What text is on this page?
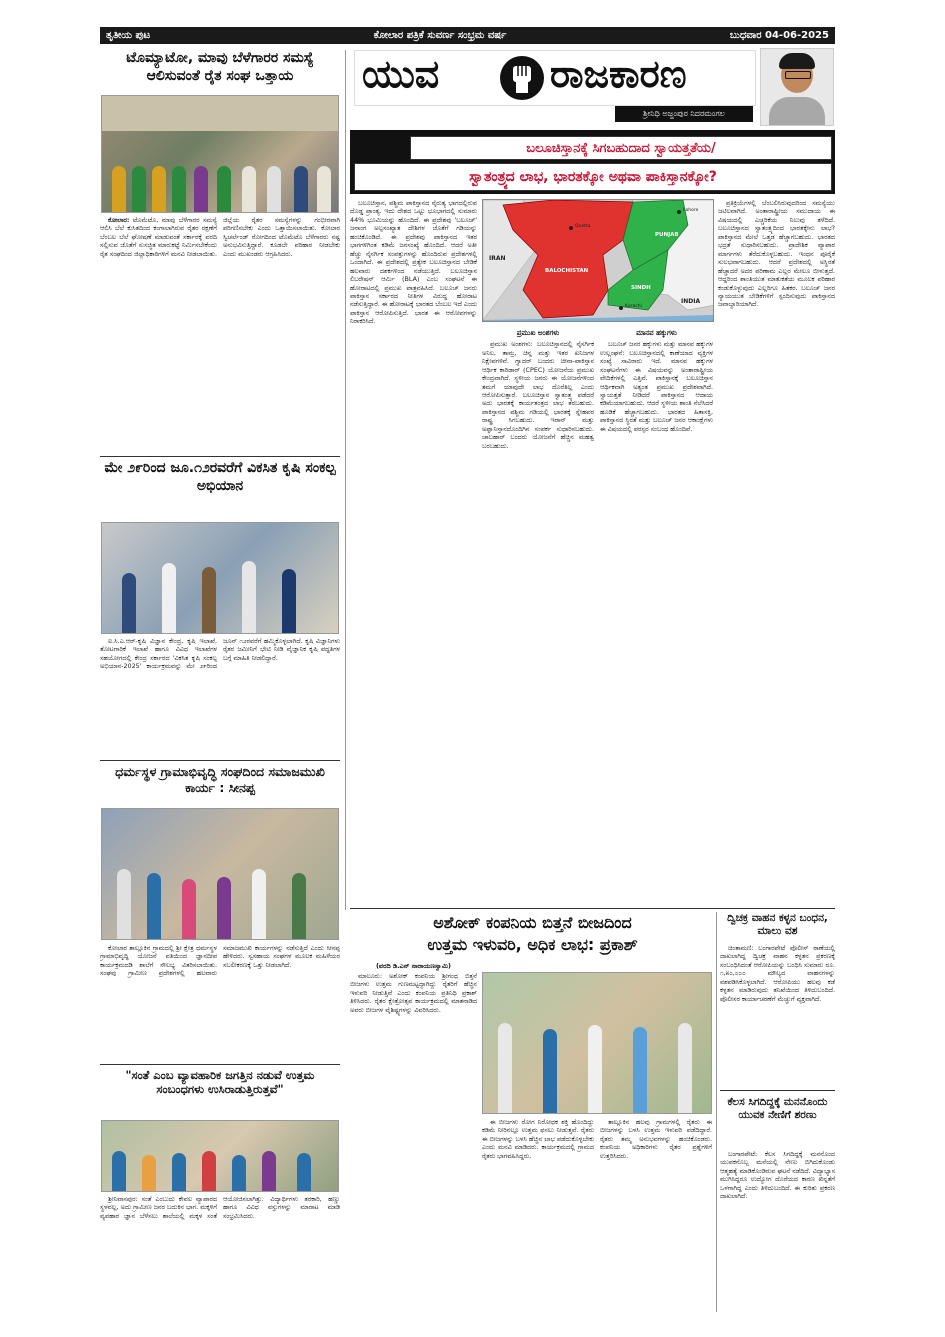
ತೃತೀಯ ಪುಟ	ಕೋಲಾರ ಪತ್ರಿಕೆ ಸುವರ್ಣ ಸಂಭ್ರಮ ವರ್ಷ	ಬುಧವಾರ 04-06-2025
ಟೊಮ್ಯಾಟೋ, ಮಾವು ಬೆಳೆಗಾರರ ಸಮಸ್ಯೆ ಆಲಿಸುವಂತೆ ರೈತ ಸಂಘ ಒತ್ತಾಯ

ಕೋಲಾರ: ಟೊಮೆಟೊ, ಮಾವು ಬೆಳೆಗಾರರ ಸಮಸ್ಯೆ ಆಲಿಸಿ ಬೆಲೆ ಕುಸಿತದಿಂದ ಕಂಗಾಲಾಗಿರುವ ರೈತರ ರಕ್ಷಣೆಗೆ ಬೆಂಬಲ ಬೆಲೆ ಘೋಷಣೆ ಮಾಡುವಂತೆ ಸರ್ಕಾರಕ್ಕೆ ವರದಿ ಸಲ್ಲಿಸುವ ಜೊತೆಗೆ ಸುಸಜ್ಜಿತ ಮಾರುಕಟ್ಟೆ ನಿರ್ಮಿಸಬೇಕೆಂದು ರೈತ ಸಂಘದಿಂದ ಜಿಲ್ಲಾಧಿಕಾರಿಗಳಿಗೆ ಮನವಿ ನೀಡಲಾಯಿತು. ಜಿಲ್ಲೆಯ ರೈತರ ಸಮಸ್ಯೆಗಳನ್ನು ಗಂಭೀರವಾಗಿ ಪರಿಗಣಿಸಬೇಕು ಎಂದು ಒತ್ತಾಯಿಸಲಾಯಿತು. ಕೋಲಾರ ಸ್ವಿಚರ್ಲೆಂಡ್ ರೋಗದಿಂದ ಟೊಮೆಟೊ ಬೆಳೆಗಾರರು ನಷ್ಟ ಅನುಭವಿಸುತ್ತಿದ್ದಾರೆ. ಕೂಡಲೇ ಪರಿಹಾರ ನೀಡಬೇಕು ಎಂದು ಮುಖಂಡರು ಆಗ್ರಹಿಸಿದರು.

ಮೇ ೨೯ರಿಂದ ಜೂ.೧೨ರವರೆಗೆ ವಿಕಸಿತ ಕೃಷಿ ಸಂಕಲ್ಪ ಅಭಿಯಾನ

ಐ.ಸಿ.ಎ.ಆರ್-ಕೃಷಿ ವಿಜ್ಞಾನ ಕೇಂದ್ರ, ಕೃಷಿ ಇಲಾಖೆ, ತೋಟಗಾರಿಕೆ ಇಲಾಖೆ ಹಾಗೂ ವಿವಿಧ ಇಲಾಖೆಗಳ ಸಹಯೋಗದಲ್ಲಿ ಕೇಂದ್ರ ಸರ್ಕಾರದ 'ವಿಕಸಿತ ಕೃಷಿ ಸಂಕಲ್ಪ ಅಭಿಯಾನ-2025' ಕಾರ್ಯಕ್ರಮವನ್ನು ಮೇ ೨೯ರಿಂದ ಜೂನ್ ೧೨ರವರೆಗೆ ಹಮ್ಮಿಕೊಳ್ಳಲಾಗಿದೆ. ಕೃಷಿ ವಿಜ್ಞಾನಿಗಳು ರೈತರ ಜಮೀನಿಗೆ ಭೇಟಿ ನೀಡಿ ವೈಜ್ಞಾನಿಕ ಕೃಷಿ ಪದ್ಧತಿಗಳ ಬಗ್ಗೆ ಮಾಹಿತಿ ನೀಡಲಿದ್ದಾರೆ.

ಧರ್ಮಸ್ಥಳ ಗ್ರಾಮಾಭಿವೃದ್ಧಿ ಸಂಘದಿಂದ ಸಮಾಜಮುಖಿ ಕಾರ್ಯ : ಸೀನಪ್ಪ

ಕೋಲಾರ ತಾಲ್ಲೂಕಿನ ಗ್ರಾಮದಲ್ಲಿ ಶ್ರೀ ಕ್ಷೇತ್ರ ಧರ್ಮಸ್ಥಳ ಗ್ರಾಮಾಭಿವೃದ್ಧಿ ಯೋಜನೆ ವತಿಯಿಂದ ಜ್ಞಾನದೀಪ ಕಾರ್ಯಕ್ರಮದಡಿ ಶಾಲೆಗೆ ಸೌಲಭ್ಯ ವಿತರಿಸಲಾಯಿತು. ಸಂಘವು ಗ್ರಾಮೀಣ ಪ್ರದೇಶಗಳಲ್ಲಿ ಹಲವಾರು ಸಮಾಜಮುಖಿ ಕಾರ್ಯಗಳನ್ನು ನಡೆಸುತ್ತಿದೆ ಎಂದು ಸೀನಪ್ಪ ಹೇಳಿದರು. ಸ್ವಸಹಾಯ ಸಂಘಗಳ ಮೂಲಕ ಮಹಿಳೆಯರ ಸಬಲೀಕರಣಕ್ಕೆ ಒತ್ತು ನೀಡಲಾಗಿದೆ.

"ಸಂತೆ ಎಂಬ ವ್ಯಾವಹಾರಿಕ ಜಗತ್ತಿನ ನಡುವೆ ಉತ್ತಮ ಸಂಬಂಧಗಳು ಉಸಿರಾಡುತ್ತಿರುತ್ತವೆ"

ಶ್ರೀನಿವಾಸಪುರ: ಸಂತೆ ಎಂಬುದು ಕೇವಲ ವ್ಯಾಪಾರದ ಸ್ಥಳವಲ್ಲ, ಅದು ಗ್ರಾಮೀಣ ಜನರ ಬದುಕಿನ ಭಾಗ. ಮಕ್ಕಳಿಗೆ ವ್ಯವಹಾರ ಜ್ಞಾನ ಬೆಳೆಸಲು ಶಾಲೆಯಲ್ಲಿ ಮಕ್ಕಳ ಸಂತೆ ಆಯೋಜಿಸಲಾಗಿತ್ತು. ವಿದ್ಯಾರ್ಥಿಗಳು ತರಕಾರಿ, ಹಣ್ಣು ಹಾಗೂ ವಿವಿಧ ವಸ್ತುಗಳನ್ನು ಮಾರಾಟ ಮಾಡಿ ಸಂಭ್ರಮಿಸಿದರು.

ಯುವ	ರಾಜಕಾರಣ
ಶ್ರೀನಿಧಿ ಅಜ್ಜಂಪುರ ನಿದರಮಂಗಲ
ಬಲೂಚಿಸ್ತಾನಕ್ಕೆ ಸಿಗಬಹುದಾದ ಸ್ವಾಯತ್ತತೆಯ/
ಸ್ವಾತಂತ್ರ್ಯದ ಲಾಭ, ಭಾರತಕ್ಕೋ ಅಥವಾ ಪಾಕಿಸ್ತಾನಕ್ಕೋ?
IRAN
BALOCHISTAN
PUNJAB
SINDH
INDIA
Lahore
Quetta
Karachi

ಬಲೂಚಿಸ್ತಾನ, ಪಶ್ಚಿಮ ಪಾಕಿಸ್ತಾನದ ನೈರುತ್ಯ ಭಾಗದಲ್ಲಿರುವ ದೊಡ್ಡ ಪ್ರಾಂತ್ಯ. ಇದು ದೇಶದ ಒಟ್ಟು ಭೂಭಾಗದಲ್ಲಿ ಸುಮಾರು 44% ಭೂಮಿಯನ್ನು ಹೊಂದಿದೆ. ಈ ಪ್ರದೇಶವು 'ಬಲೂಚ್' ಜನಾಂಗ ಅಲ್ಪಸಂಖ್ಯಾತ ದೇಶಿಗಳ ಜೊತೆಗೆ ಗಡಿಯನ್ನು ಹಂಚಿಕೊಂಡಿದೆ. ಈ ಪ್ರದೇಶವು ಪಾಕಿಸ್ತಾನದ ಇತರ ಭಾಗಗಳಿಗಿಂತ ಕಡಿಮೆ ಜನಸಂಖ್ಯೆ ಹೊಂದಿದೆ. ಆದರೆ ಅತೀ ಹೆಚ್ಚು ನೈಸರ್ಗಿಕ ಸಂಪತ್ತುಗಳನ್ನು ಹೊಂದಿರುವ ಪ್ರದೇಶಗಳಲ್ಲಿ ಒಂದಾಗಿದೆ. ಈ ಪ್ರದೇಶದಲ್ಲಿ ಪ್ರತ್ಯೇಕ ಬಲೂಚಿಸ್ತಾನದ ಬೇಡಿಕೆ ಹಲವಾರು ದಶಕಗಳಿಂದ ನಡೆಯುತ್ತಿದೆ. ಬಲೂಚಿಸ್ತಾನ ಲಿಬರೇಷನ್ ಆರ್ಮಿ (BLA) ಎಂಬ ಸಂಘಟನೆ ಈ ಹೋರಾಟದಲ್ಲಿ ಪ್ರಮುಖ ಪಾತ್ರವಹಿಸಿದೆ. ಬಲೂಚ್ ಜನರು ಪಾಕಿಸ್ತಾನ ಸರ್ಕಾರದ ನೀತಿಗಳ ವಿರುದ್ಧ ಹೋರಾಟ ನಡೆಸುತ್ತಿದ್ದಾರೆ. ಈ ಹೋರಾಟಕ್ಕೆ ಭಾರತದ ಬೆಂಬಲ ಇದೆ ಎಂದು ಪಾಕಿಸ್ತಾನ ಆರೋಪಿಸುತ್ತಿದೆ. ಭಾರತ ಈ ಆರೋಪಗಳನ್ನು ನಿರಾಕರಿಸಿದೆ.

ಪ್ರಮುಖ ಅಂಶಗಳು

ಪ್ರಮುಖ ಅಂಶಗಳು: ಬಲೂಚಿಸ್ತಾನದಲ್ಲಿ ನೈಸರ್ಗಿಕ ಅನಿಲ, ತಾಮ್ರ, ಚಿನ್ನ ಮತ್ತು ಇತರ ಖನಿಜಗಳ ನಿಕ್ಷೇಪಗಳಿವೆ. ಗ್ವಾದರ್ ಬಂದರು ಚೀನಾ-ಪಾಕಿಸ್ತಾನ ಆರ್ಥಿಕ ಕಾರಿಡಾರ್ (CPEC) ಯೋಜನೆಯ ಪ್ರಮುಖ ಕೇಂದ್ರವಾಗಿದೆ. ಸ್ಥಳೀಯ ಜನರು ಈ ಯೋಜನೆಗಳಿಂದ ತಮಗೆ ಯಾವುದೇ ಲಾಭ ದೊರೆತಿಲ್ಲ ಎಂದು ಆರೋಪಿಸುತ್ತಾರೆ. ಬಲೂಚಿಸ್ತಾನ ಸ್ವಾತಂತ್ರ್ಯ ಪಡೆದರೆ ಅದು ಭಾರತಕ್ಕೆ ಕಾರ್ಯತಂತ್ರದ ಲಾಭ ತರಬಹುದು. ಪಾಕಿಸ್ತಾನದ ಪಶ್ಚಿಮ ಗಡಿಯಲ್ಲಿ ಭಾರತಕ್ಕೆ ಸ್ನೇಹಪರ ರಾಷ್ಟ್ರ ಸಿಗಬಹುದು. ಇರಾನ್ ಮತ್ತು ಅಫ್ಘಾನಿಸ್ತಾನದೊಂದಿಗಿನ ಸಂಪರ್ಕ ಸುಧಾರಿಸಬಹುದು. ಚಾಬಹಾರ್ ಬಂದರು ಯೋಜನೆಗೆ ಹೆಚ್ಚಿನ ಮಹತ್ವ ಬರಬಹುದು.

ಮಾನವ ಹಕ್ಕುಗಳು

ಬಲೂಚ್ ಜನರ ಹಕ್ಕುಗಳು ಮತ್ತು ಮಾನವ ಹಕ್ಕುಗಳ ಉಲ್ಲಂಘನೆ: ಬಲೂಚಿಸ್ತಾನದಲ್ಲಿ ಕಾಣೆಯಾದ ವ್ಯಕ್ತಿಗಳ ಸಂಖ್ಯೆ ಸಾವಿರಾರು ಇದೆ. ಮಾನವ ಹಕ್ಕುಗಳ ಸಂಘಟನೆಗಳು ಈ ವಿಷಯವನ್ನು ಅಂತಾರಾಷ್ಟ್ರೀಯ ವೇದಿಕೆಗಳಲ್ಲಿ ಎತ್ತಿವೆ. ಪಾಕಿಸ್ತಾನಕ್ಕೆ ಬಲೂಚಿಸ್ತಾನ ಆರ್ಥಿಕವಾಗಿ ಅತ್ಯಂತ ಪ್ರಮುಖ ಪ್ರದೇಶವಾಗಿದೆ. ಸ್ವಾಯತ್ತತೆ ನೀಡಿದರೆ ಪಾಕಿಸ್ತಾನದ ಆದಾಯ ಕಡಿಮೆಯಾಗಬಹುದು. ಆದರೆ ಸ್ಥಳೀಯ ಶಾಂತಿ ನೆಲೆಸಿದರೆ ಹೂಡಿಕೆ ಹೆಚ್ಚಾಗಬಹುದು. ಭಾರತದ ಹಿತಾಸಕ್ತಿ, ಪಾಕಿಸ್ತಾನದ ಸ್ಥಿರತೆ ಮತ್ತು ಬಲೂಚ್ ಜನರ ಆಕಾಂಕ್ಷೆಗಳು ಈ ವಿಷಯದಲ್ಲಿ ಪರಸ್ಪರ ಸಂಬಂಧ ಹೊಂದಿವೆ.

ಪ್ರತಿಕ್ರಿಯೆಗಳಲ್ಲಿ ಬೆಂಬಲಿಸಿರುವುದರಿಂದ ಸಮಸ್ಯೆಯು ಜಟಿಲವಾಗಿದೆ. ಅಂತಾರಾಷ್ಟ್ರೀಯ ಸಮುದಾಯ ಈ ವಿಷಯದಲ್ಲಿ ಎಚ್ಚರಿಕೆಯ ನಿಲುವು ತಳೆದಿದೆ. ಬಲೂಚಿಸ್ತಾನದ ಸ್ವಾತಂತ್ರ್ಯದಿಂದ ಭಾರತಕ್ಕೇನು ಲಾಭ? ಪಾಕಿಸ್ತಾನದ ಮೇಲೆ ಒತ್ತಡ ಹೆಚ್ಚಾಗಬಹುದು. ಭಾರತದ ಭದ್ರತೆ ಸುಧಾರಿಸಬಹುದು. ಪ್ರಾದೇಶಿಕ ವ್ಯಾಪಾರ ಮಾರ್ಗಗಳು ತೆರೆದುಕೊಳ್ಳಬಹುದು. ಇಂಧನ ಪೂರೈಕೆ ಸುಲಭವಾಗಬಹುದು. ಆದರೆ ಪ್ರದೇಶದಲ್ಲಿ ಅಸ್ಥಿರತೆ ಹೆಚ್ಚಾದರೆ ಅದರ ಪರಿಣಾಮ ಎಲ್ಲರ ಮೇಲೂ ಬೀಳುತ್ತದೆ. ಆದ್ದರಿಂದ ಶಾಂತಿಯುತ ಮಾತುಕತೆಯ ಮೂಲಕ ಪರಿಹಾರ ಕಂಡುಕೊಳ್ಳುವುದು ಎಲ್ಲರಿಗೂ ಹಿತಕರ. ಬಲೂಚ್ ಜನರ ನ್ಯಾಯಯುತ ಬೇಡಿಕೆಗಳಿಗೆ ಸ್ಪಂದಿಸುವುದು ಪಾಕಿಸ್ತಾನದ ಜವಾಬ್ದಾರಿಯಾಗಿದೆ.

ಅಶೋಕ್ ಕಂಪನಿಯ ಬಿತ್ತನೆ ಬೀಜದಿಂದ
ಉತ್ತಮ ಇಳುವರಿ, ಅಧಿಕ ಲಾಭ: ಪ್ರಕಾಶ್
(ವರದಿ ಡಿ.ಎನ್ ನಾರಾಯಣಸ್ವಾಮಿ)

ಮಾಲೂರು: ಅಶೋಕ್ ಕಂಪನಿಯ ಶ್ರೀಗಂಧ ಬಿತ್ತನೆ ಬೀಜಗಳು ಉತ್ತಮ ಗುಣಮಟ್ಟದ್ದಾಗಿದ್ದು ರೈತರಿಗೆ ಹೆಚ್ಚಿನ ಇಳುವರಿ ನೀಡುತ್ತಿವೆ ಎಂದು ಕಂಪನಿಯ ಪ್ರತಿನಿಧಿ ಪ್ರಕಾಶ್ ತಿಳಿಸಿದರು. ರೈತರ ಕ್ಷೇತ್ರೋತ್ಸವ ಕಾರ್ಯಕ್ರಮದಲ್ಲಿ ಮಾತನಾಡಿದ ಅವರು ಬೀಜಗಳ ವೈಶಿಷ್ಟ್ಯಗಳನ್ನು ವಿವರಿಸಿದರು.

ಈ ಬೀಜಗಳು ರೋಗ ನಿರೋಧಕ ಶಕ್ತಿ ಹೊಂದಿದ್ದು ಕಡಿಮೆ ನೀರಿನಲ್ಲೂ ಉತ್ತಮ ಫಸಲು ನೀಡುತ್ತವೆ. ರೈತರು ಈ ಬೀಜಗಳನ್ನು ಬಳಸಿ ಹೆಚ್ಚಿನ ಲಾಭ ಪಡೆದುಕೊಳ್ಳಬೇಕು ಎಂದು ಮನವಿ ಮಾಡಿದರು. ಕಾರ್ಯಕ್ರಮದಲ್ಲಿ ಗ್ರಾಮದ ರೈತರು ಭಾಗವಹಿಸಿದ್ದರು.

ತಾಲ್ಲೂಕಿನ ಹಲವು ಗ್ರಾಮಗಳಲ್ಲಿ ರೈತರು ಈ ಬೀಜಗಳನ್ನು ಬಳಸಿ ಉತ್ತಮ ಇಳುವರಿ ಪಡೆದಿದ್ದಾರೆ. ರೈತರು ತಮ್ಮ ಅನುಭವಗಳನ್ನು ಹಂಚಿಕೊಂಡರು. ಕಂಪನಿಯ ಅಧಿಕಾರಿಗಳು ರೈತರ ಪ್ರಶ್ನೆಗಳಿಗೆ ಉತ್ತರಿಸಿದರು.

ದ್ವಿಚಕ್ರ ವಾಹನ ಕಳ್ಳನ ಬಂಧನ, ಮಾಲು ವಶ

ಚಿಂತಾಮಣಿ: ಬಂಗಾರಪೇಟೆ ಪೊಲೀಸ್ ಠಾಣೆಯಲ್ಲಿ ದಾಖಲಾಗಿದ್ದ ದ್ವಿಚಕ್ರ ವಾಹನ ಕಳ್ಳತನ ಪ್ರಕರಣಕ್ಕೆ ಸಂಬಂಧಿಸಿದಂತೆ ಆರೋಪಿಯನ್ನು ಬಂಧಿಸಿ ಸುಮಾರು ರೂ. ೧,೫೦,೦೦೦ ಮೌಲ್ಯದ ವಾಹನಗಳನ್ನು ವಶಪಡಿಸಿಕೊಳ್ಳಲಾಗಿದೆ. ಆರೋಪಿಯು ಹಲವು ಕಡೆ ಕಳ್ಳತನ ಮಾಡಿರುವುದು ತನಿಖೆಯಿಂದ ತಿಳಿದುಬಂದಿದೆ. ಪೊಲೀಸರ ಕಾರ್ಯಾಚರಣೆಗೆ ಮೆಚ್ಚುಗೆ ವ್ಯಕ್ತವಾಗಿದೆ.

ಕೆಲಸ ಸಿಗದಿದ್ದಕ್ಕೆ ಮನನೊಂದು ಯುವಕ ನೇಣಿಗೆ ಶರಣು

ಬಂಗಾರಪೇಟೆ: ಕೆಲಸ ಸಿಗದಿದ್ದಕ್ಕೆ ಮನನೊಂದ ಯುವಕನೊಬ್ಬ ಮನೆಯಲ್ಲಿ ನೇಣು ಬಿಗಿದುಕೊಂಡು ಆತ್ಮಹತ್ಯೆ ಮಾಡಿಕೊಂಡಿರುವ ಘಟನೆ ನಡೆದಿದೆ. ವಿದ್ಯಾಭ್ಯಾಸ ಮುಗಿಸಿದ್ದರೂ ಉದ್ಯೋಗ ದೊರೆಯದ ಕಾರಣ ಖಿನ್ನತೆಗೆ ಒಳಗಾಗಿದ್ದ ಎಂದು ತಿಳಿದುಬಂದಿದೆ. ಈ ಕುರಿತು ಪ್ರಕರಣ ದಾಖಲಾಗಿದೆ.
